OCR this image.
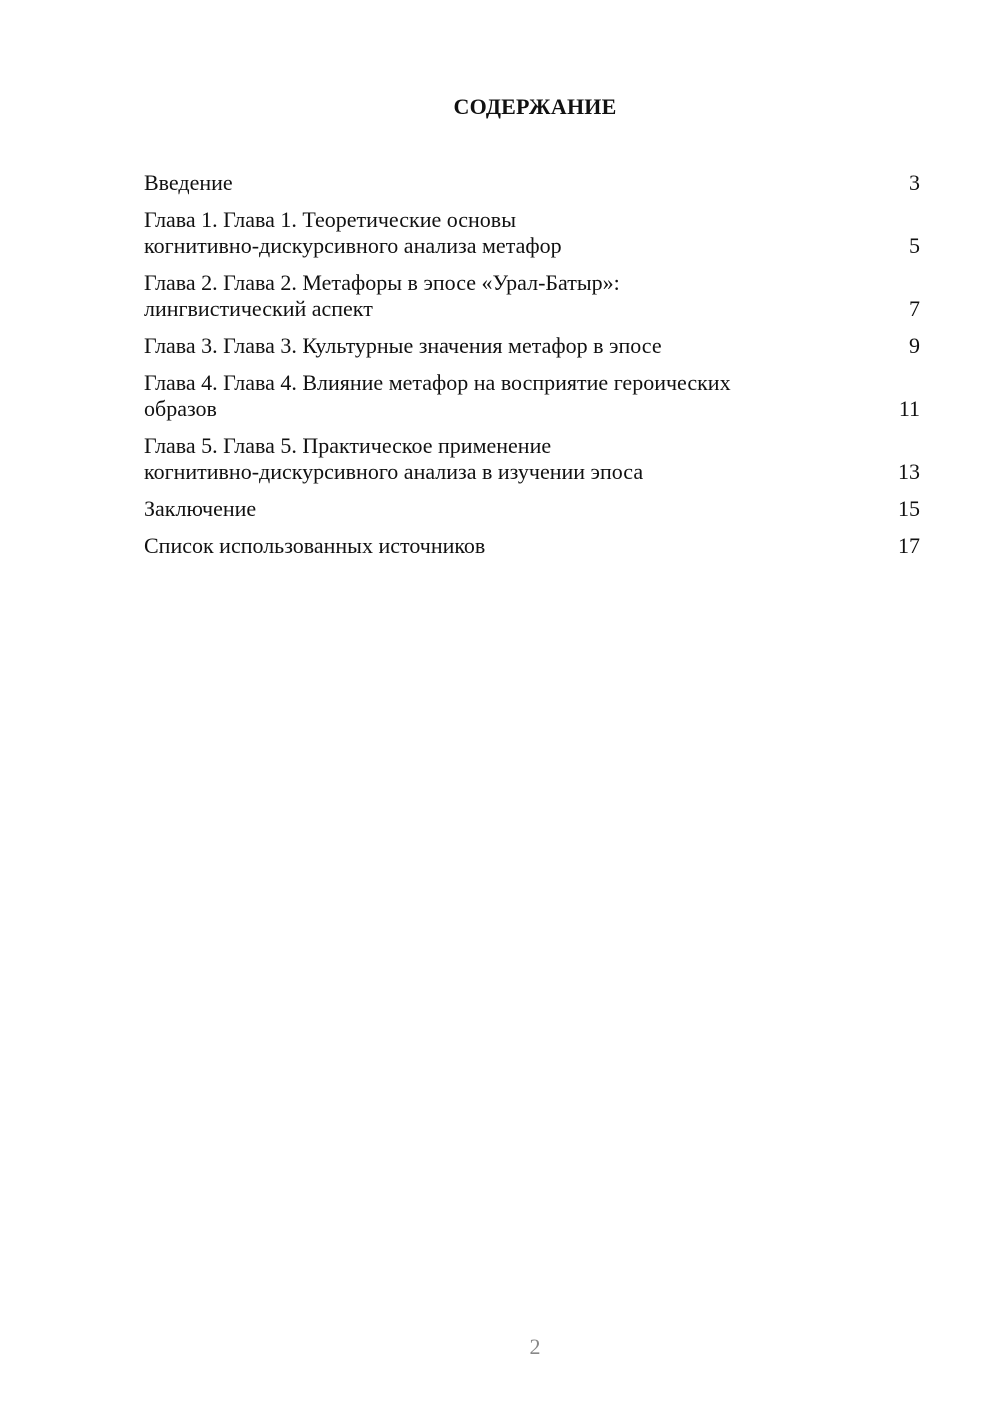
СОДЕРЖАНИЕ
Введение	3
Глава 1. Глава 1. Теоретические основы
когнитивно-дискурсивного анализа метафор	5
Глава 2. Глава 2. Метафоры в эпосе «Урал-Батыр»:
лингвистический аспект	7
Глава 3. Глава 3. Культурные значения метафор в эпосе	9
Глава 4. Глава 4. Влияние метафор на восприятие героических
образов	11
Глава 5. Глава 5. Практическое применение
когнитивно-дискурсивного анализа в изучении эпоса	13
Заключение	15
Список использованных источников	17
2
